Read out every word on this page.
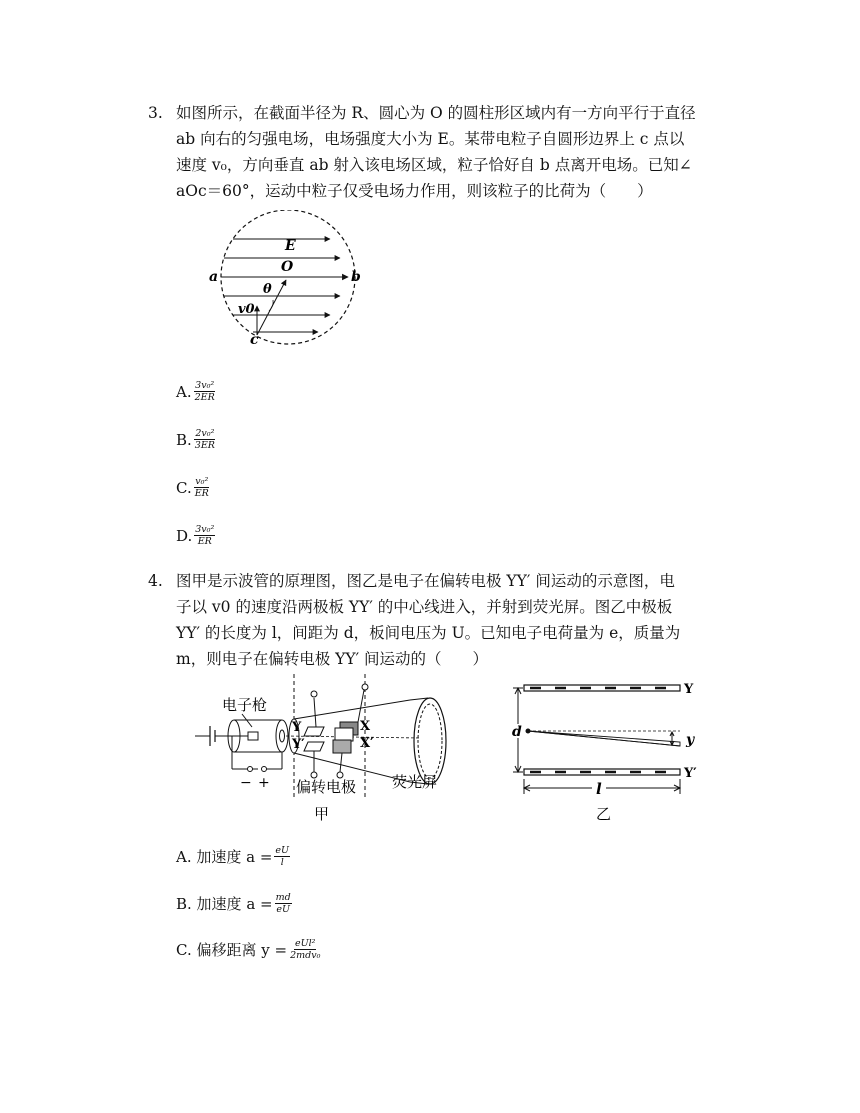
3. 如图所示，在截面半径为 R、圆心为 O 的圆柱形区域内有一方向平行于直径
ab 向右的匀强电场，电场强度大小为 E。某带电粒子自圆形边界上 c 点以
速度 v₀，方向垂直 ab 射入该电场区域，粒子恰好自 b 点离开电场。已知∠
aOc＝60°，运动中粒子仅受电场力作用，则该粒子的比荷为（　　）
E
O
a	b
θ
v0
c
A. $\frac{\text{3v₀²}}{2ER}$
B. $\frac{\text{2v₀²}}{3ER}$
C. $\frac{\text{v₀²}}{ER}$
D. $\frac{\text{3v₀²}}{ER}$
4. 图甲是示波管的原理图，图乙是电子在偏转电极 YY′ 间运动的示意图，电
子以 v0 的速度沿两极板 YY′ 的中心线进入，并射到荧光屏。图乙中极板
YY′ 的长度为 l，间距为 d，板间电压为 U。已知电子电荷量为 e，质量为
m，则电子在偏转电极 YY′ 间运动的（　　）
电子枪
− +
Y
Y′
X
X′
偏转电极 荧光屏
甲
Y
Y′
d	y
l
乙
A. 加速度 $a = \frac{eU}{l}$
B. 加速度 $a = \frac{md}{eU}$
C. 偏移距离 $y = \frac{\text{eUl²}}{\text{2mdv₀}}$
